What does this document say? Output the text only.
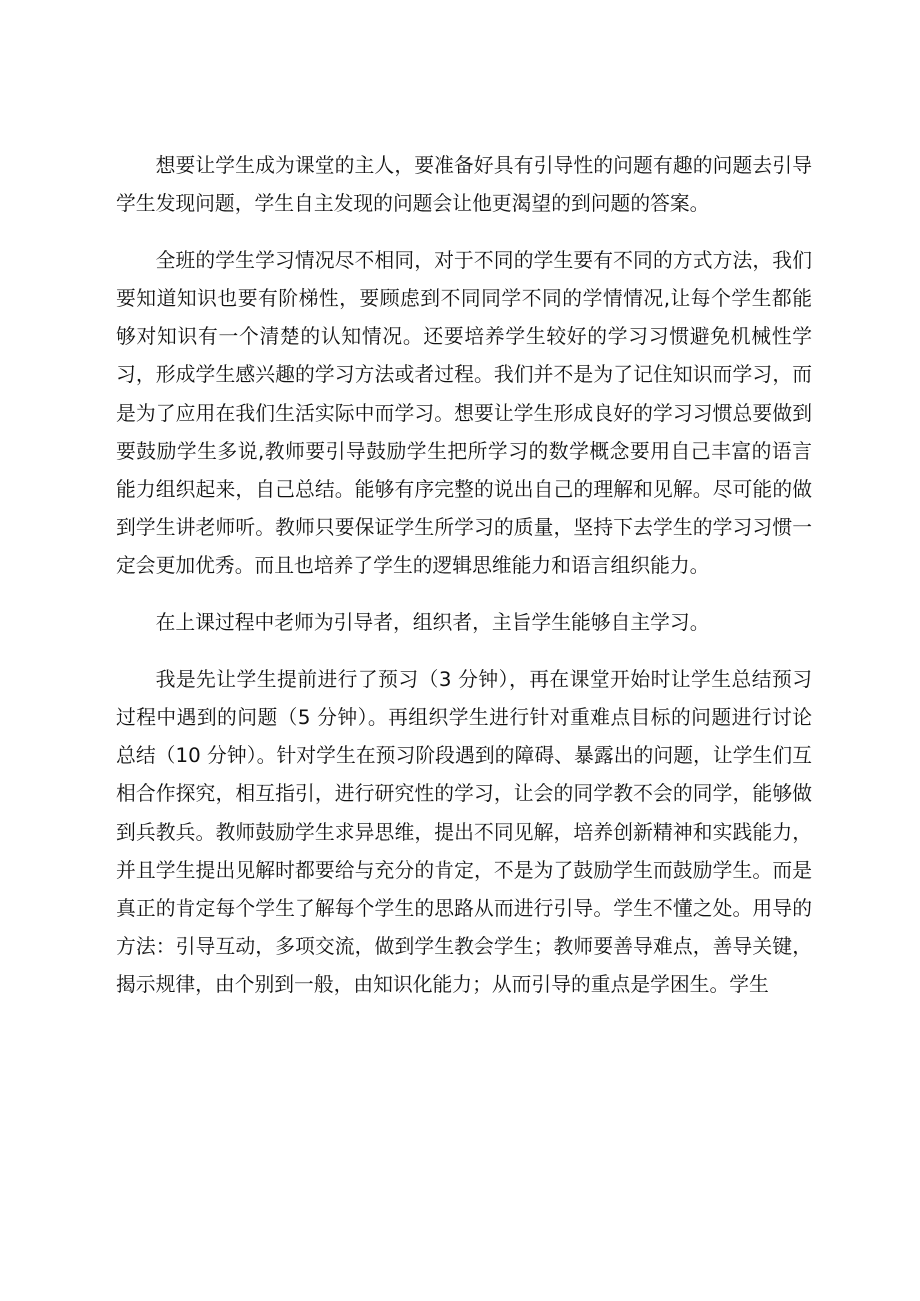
想要让学生成为课堂的主人，要准备好具有引导性的问题有趣的问题去引导学生发现问题，学生自主发现的问题会让他更渴望的到问题的答案。

全班的学生学习情况尽不相同，对于不同的学生要有不同的方式方法，我们要知道知识也要有阶梯性，要顾虑到不同同学不同的学情情况,让每个学生都能够对知识有一个清楚的认知情况。还要培养学生较好的学习习惯避免机械性学习，形成学生感兴趣的学习方法或者过程。我们并不是为了记住知识而学习，而是为了应用在我们生活实际中而学习。想要让学生形成良好的学习习惯总要做到要鼓励学生多说,教师要引导鼓励学生把所学习的数学概念要用自己丰富的语言能力组织起来，自己总结。能够有序完整的说出自己的理解和见解。尽可能的做到学生讲老师听。教师只要保证学生所学习的质量，坚持下去学生的学习习惯一定会更加优秀。而且也培养了学生的逻辑思维能力和语言组织能力。

在上课过程中老师为引导者，组织者，主旨学生能够自主学习。

我是先让学生提前进行了预习（3 分钟），再在课堂开始时让学生总结预习过程中遇到的问题（5 分钟）。再组织学生进行针对重难点目标的问题进行讨论总结（10 分钟）。针对学生在预习阶段遇到的障碍、暴露出的问题，让学生们互相合作探究，相互指引，进行研究性的学习，让会的同学教不会的同学，能够做到兵教兵。教师鼓励学生求异思维，提出不同见解，培养创新精神和实践能力，并且学生提出见解时都要给与充分的肯定，不是为了鼓励学生而鼓励学生。而是真正的肯定每个学生了解每个学生的思路从而进行引导。学生不懂之处。用导的方法：引导互动，多项交流，做到学生教会学生；教师要善导难点，善导关键，揭示规律，由个别到一般，由知识化能力；从而引导的重点是学困生。学生
